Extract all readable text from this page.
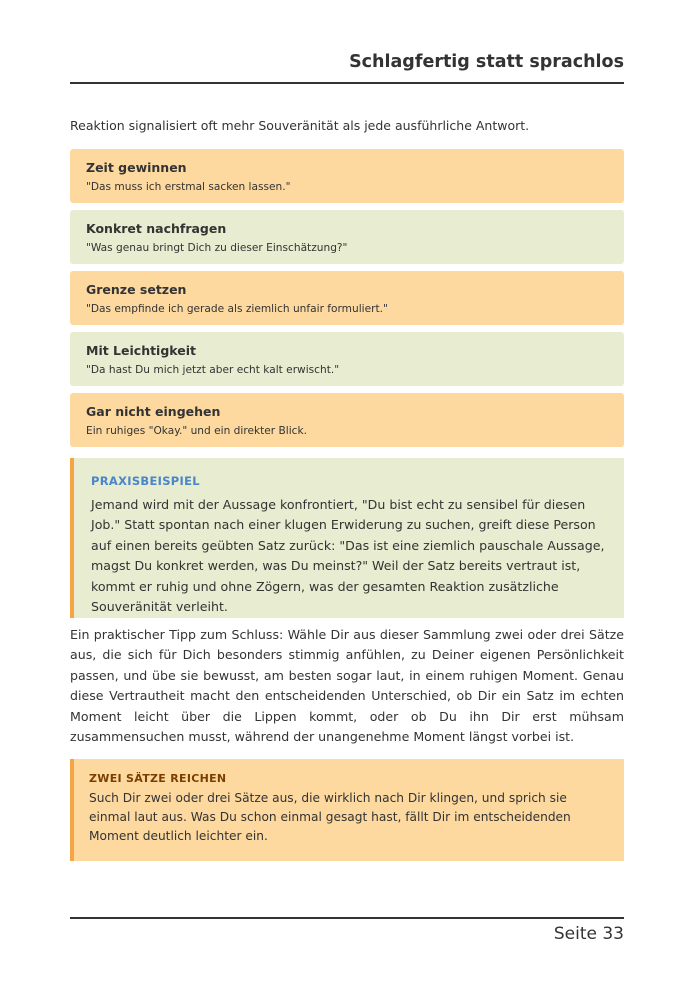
Schlagfertig statt sprachlos

Reaktion signalisiert oft mehr Souveränität als jede ausführliche Antwort.

Zeit gewinnen

"Das muss ich erstmal sacken lassen."

Konkret nachfragen

"Was genau bringt Dich zu dieser Einschätzung?"

Grenze setzen

"Das empfinde ich gerade als ziemlich unfair formuliert."

Mit Leichtigkeit

"Da hast Du mich jetzt aber echt kalt erwischt."

Gar nicht eingehen

Ein ruhiges "Okay." und ein direkter Blick.

PRAXISBEISPIEL

Jemand wird mit der Aussage konfrontiert, "Du bist echt zu sensibel für diesen Job." Statt spontan nach einer klugen Erwiderung zu suchen, greift diese Person auf einen bereits geübten Satz zurück: "Das ist eine ziemlich pauschale Aussage, magst Du konkret werden, was Du meinst?" Weil der Satz bereits vertraut ist, kommt er ruhig und ohne Zögern, was der gesamten Reaktion zusätzliche Souveränität verleiht.

Ein praktischer Tipp zum Schluss: Wähle Dir aus dieser Sammlung zwei oder drei Sätze aus, die sich für Dich besonders stimmig anfühlen, zu Deiner eigenen Persönlichkeit passen, und übe sie bewusst, am besten sogar laut, in einem ruhigen Moment. Genau diese Vertrautheit macht den entscheidenden Unterschied, ob Dir ein Satz im echten Moment leicht über die Lippen kommt, oder ob Du ihn Dir erst mühsam zusammensuchen musst, während der unangenehme Moment längst vorbei ist.

ZWEI SÄTZE REICHEN

Such Dir zwei oder drei Sätze aus, die wirklich nach Dir klingen, und sprich sie einmal laut aus. Was Du schon einmal gesagt hast, fällt Dir im entscheidenden Moment deutlich leichter ein.

Seite 33
